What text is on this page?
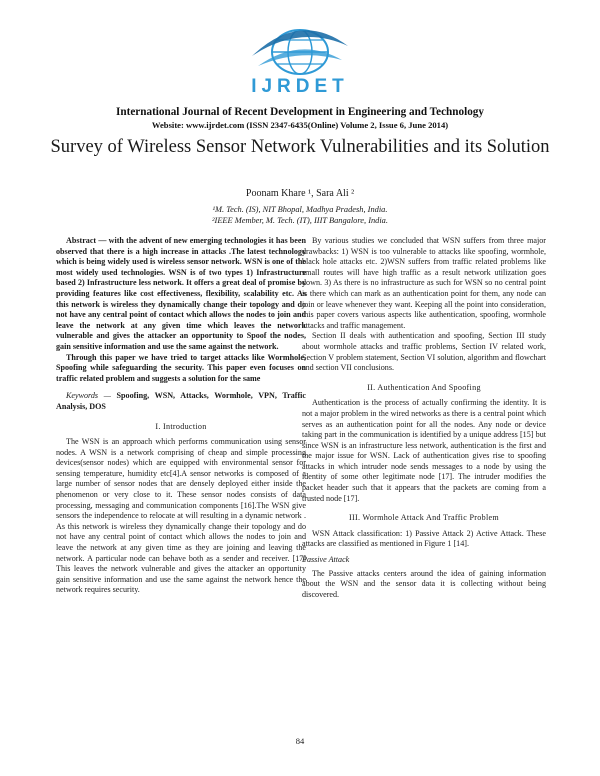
IJRDET
International Journal of Recent Development in Engineering and Technology
Website: www.ijrdet.com (ISSN 2347-6435(Online) Volume 2, Issue 6, June 2014)
Survey of Wireless Sensor Network Vulnerabilities and its Solution
Poonam Khare ¹, Sara Ali ²
¹M. Tech. (IS), NIT Bhopal, Madhya Pradesh, India.
²IEEE Member, M. Tech. (IT), IIIT Bangalore, India.

Abstract — with the advent of new emerging technologies it has been observed that there is a high increase in attacks .The latest technology which is being widely used is wireless sensor network. WSN is one of the most widely used technologies. WSN is of two types 1) Infrastructure based 2) Infrastructure less network. It offers a great deal of promise by providing features like cost effectiveness, flexibility, scalability etc. As this network is wireless they dynamically change their topology and do not have any central point of contact which allows the nodes to join and leave the network at any given time which leaves the network vulnerable and gives the attacker an opportunity to Spoof the nodes, gain sensitive information and use the same against the network.

Through this paper we have tried to target attacks like Wormhole, Spoofing while safeguarding the security. This paper even focuses on traffic related problem and suggests a solution for the same

Keywords — Spoofing, WSN, Attacks, Wormhole, VPN, Traffic Analysis, DOS

I. Introduction

The WSN is an approach which performs communication using sensor nodes. A WSN is a network comprising of cheap and simple processing devices(sensor nodes) which are equipped with environmental sensor for sensing temperature, humidity etc[4].A sensor networks is composed of a large number of sensor nodes that are densely deployed either inside the phenomenon or very close to it. These sensor nodes consists of data processing, messaging and communication components [16].The WSN give sensors the independence to relocate at will resulting in a dynamic network . As this network is wireless they dynamically change their topology and do not have any central point of contact which allows the nodes to join and leave the network at any given time as they are joining and leaving the network. A particular node can behave both as a sender and receiver. [17] This leaves the network vulnerable and gives the attacker an opportunity gain sensitive information and use the same against the network hence the network requires security.

By various studies we concluded that WSN suffers from three major drawbacks: 1) WSN is too vulnerable to attacks like spoofing, wormhole, black hole attacks etc. 2)WSN suffers from traffic related problems like small routes will have high traffic as a result network utilization goes down. 3) As there is no infrastructure as such for WSN so no central point is there which can mark as an authentication point for them, any node can join or leave whenever they want. Keeping all the point into consideration, this paper covers various aspects like authentication, spoofing, wormhole attacks and traffic management.

Section II deals with authentication and spoofing, Section III study about wormhole attacks and traffic problems, Section IV related work, Section V problem statement, Section VI solution, algorithm and flowchart and section VII conclusions.

II. Authentication And Spoofing

Authentication is the process of actually confirming the identity. It is not a major problem in the wired networks as there is a central point which serves as an authentication point for all the nodes. Any node or device taking part in the communication is identified by a unique address [15] but since WSN is an infrastructure less network, authentication is the first and the major issue for WSN. Lack of authentication gives rise to spoofing attacks in which intruder node sends messages to a node by using the identity of some other legitimate node [17]. The intruder modifies the packet header such that it appears that the packets are coming from a trusted node [17].

III. Wormhole Attack And Traffic Problem

WSN Attack classification: 1) Passive Attack 2) Active Attack. These attacks are classified as mentioned in Figure 1 [14].

Passive Attack

The Passive attacks centers around the idea of gaining information about the WSN and the sensor data it is collecting without being discovered.

84
